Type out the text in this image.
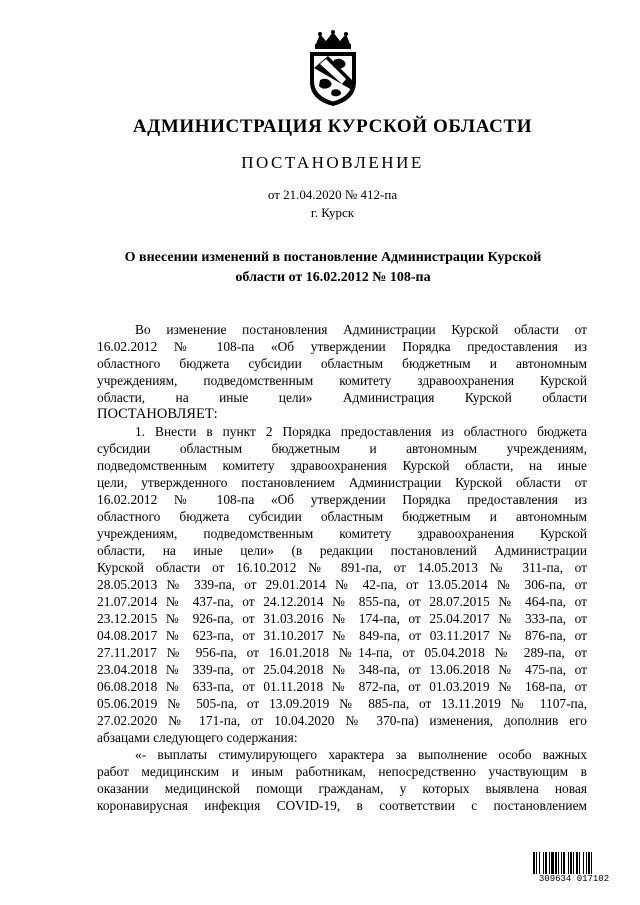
АДМИНИСТРАЦИЯ КУРСКОЙ ОБЛАСТИ
ПОСТАНОВЛЕНИЕ
от 21.04.2020 № 412-па
г. Курск
О внесении изменений в постановление Администрации Курской
области от 16.02.2012 № 108-па
Во изменение постановления Администрации Курской области от
16.02.2012 № 108-па «Об утверждении Порядка предоставления из
областного бюджета субсидии областным бюджетным и автономным
учреждениям, подведомственным комитету здравоохранения Курской
области, на иные цели» Администрация Курской области
ПОСТАНОВЛЯЕТ:
1. Внести в пункт 2 Порядка предоставления из областного бюджета
субсидии областным бюджетным и автономным учреждениям,
подведомственным комитету здравоохранения Курской области, на иные
цели, утвержденного постановлением Администрации Курской области от
16.02.2012 № 108-па «Об утверждении Порядка предоставления из
областного бюджета субсидии областным бюджетным и автономным
учреждениям, подведомственным комитету здравоохранения Курской
области, на иные цели» (в редакции постановлений Администрации
Курской области от 16.10.2012 № 891-па, от 14.05.2013 № 311-па, от
28.05.2013 № 339-па, от 29.01.2014 № 42-па, от 13.05.2014 № 306-па, от
21.07.2014 № 437-па, от 24.12.2014 № 855-па, от 28.07.2015 № 464-па, от
23.12.2015 № 926-па, от 31.03.2016 № 174-па, от 25.04.2017 № 333-па, от
04.08.2017 № 623-па, от 31.10.2017 № 849-па, от 03.11.2017 № 876-па, от
27.11.2017 № 956-па, от 16.01.2018 №14-па, от 05.04.2018 № 289-па, от
23.04.2018 № 339-па, от 25.04.2018 № 348-па, от 13.06.2018 № 475-па, от
06.08.2018 № 633-па, от 01.11.2018 № 872-па, от 01.03.2019 № 168-па, от
05.06.2019 № 505-па, от 13.09.2019 № 885-па, от 13.11.2019 № 1107-па,
27.02.2020 № 171-па, от 10.04.2020 № 370-па) изменения, дополнив его
абзацами следующего содержания:
«- выплаты стимулирующего характера за выполнение особо важных
работ медицинским и иным работникам, непосредственно участвующим в
оказании медицинской помощи гражданам, у которых выявлена новая
коронавирусная инфекция COVID-19, в соответствии с постановлением
309634 017102
